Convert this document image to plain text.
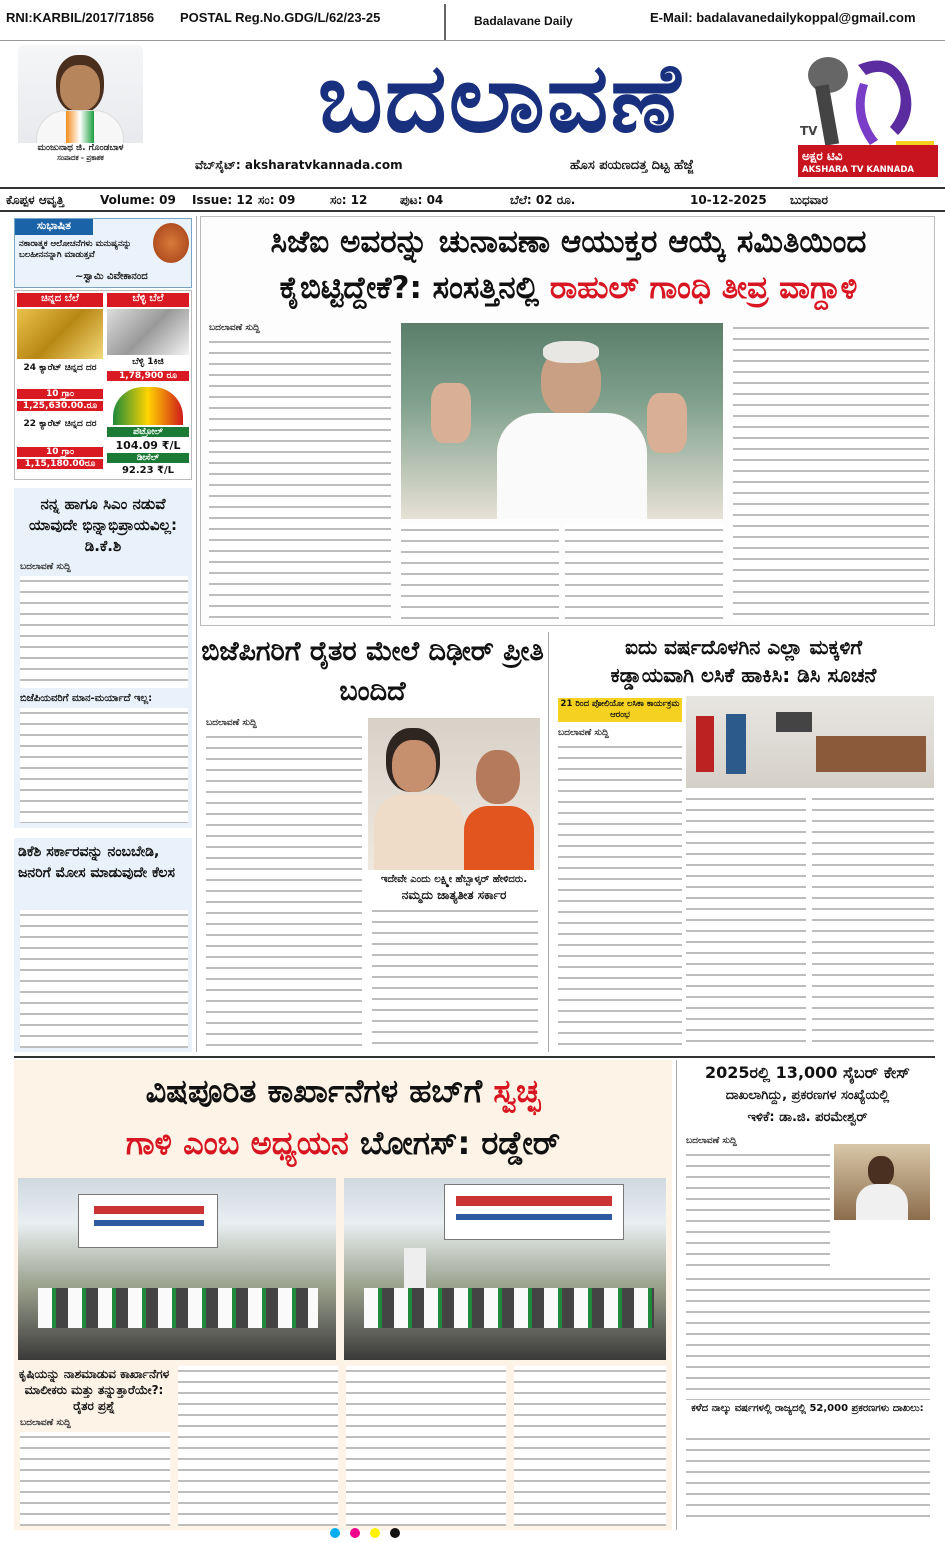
RNI:KARBIL/2017/71856 POSTAL Reg.No.GDG/L/62/23-25	Badalavane Daily	E-Mail: badalavanedailykoppal@gmail.com
ಮಂಜುನಾಥ ಜಿ. ಗೊಂಡಬಾಳ
ಸಂಪಾದಕ - ಪ್ರಕಾಶಕ
ಬದಲಾವಣೆ
ವೆಬ್‌ಸೈಟ್: aksharatvkannada.com	ಹೊಸ ಪಯಣದತ್ತ ದಿಟ್ಟ ಹೆಜ್ಜೆ
TV
ಅಕ್ಷರ ಟಿವಿ
AKSHARA TV KANNADA
ಕೊಪ್ಪಳ ಆವೃತ್ತಿ	Volume: 09 Issue: 12 ಸಂ: 09	ಸಂ: 12	ಪುಟ: 04	ಬೆಲೆ: 02 ರೂ.	10-12-2025 ಬುಧವಾರ
ಸುಭಾಷಿತ
ನಕಾರಾತ್ಮಕ ಆಲೋಚನೆಗಳು ಮನುಷ್ಯನನ್ನು ಬಲಹೀನನನ್ನಾಗಿ ಮಾಡುತ್ತವೆ
~ಸ್ವಾಮಿ ವಿವೇಕಾನಂದ
ಚಿನ್ನದ ಬೆಲೆ	ಬೆಳ್ಳಿ ಬೆಲೆ
24 ಕ್ಯಾರೆಟ್ ಚಿನ್ನದ ದರ
10 ಗ್ರಾಂ
1,25,630.00.ರೂ
ಬೆಳ್ಳಿ 1ಕಿಜಿ
1,78,900 ರೂ
22 ಕ್ಯಾರೆಟ್ ಚಿನ್ನದ ದರ
10 ಗ್ರಾಂ
1,15,180.00ರೂ
ಪೆಟ್ರೋಲ್
104.09 ₹/L
ಡೀಸೆಲ್
92.23 ₹/L
ನನ್ನ ಹಾಗೂ ಸಿಎಂ ನಡುವೆ ಯಾವುದೇ ಭಿನ್ನಾಭಿಪ್ರಾಯವಿಲ್ಲ: ಡಿ.ಕೆ.ಶಿ
ಬದಲಾವಣೆ ಸುದ್ದಿ
ಬಿಜೆಪಿಯವರಿಗೆ ಮಾನ-ಮರ್ಯಾದೆ ಇಲ್ಲ:
ಡಿಕೆಶಿ ಸರ್ಕಾರವನ್ನು ನಂಬಬೇಡಿ, ಜನರಿಗೆ ಮೋಸ ಮಾಡುವುದೇ ಕೆಲಸ
ಸಿಜೆಐ ಅವರನ್ನು ಚುನಾವಣಾ ಆಯುಕ್ತರ ಆಯ್ಕೆ ಸಮಿತಿಯಿಂದ
ಕೈಬಿಟ್ಟಿದ್ದೇಕೆ?: ಸಂಸತ್ತಿನಲ್ಲಿ ರಾಹುಲ್ ಗಾಂಧಿ ತೀವ್ರ ವಾಗ್ದಾಳಿ
ಬದಲಾವಣೆ ಸುದ್ದಿ
ಬಿಜೆಪಿಗರಿಗೆ ರೈತರ ಮೇಲೆ ದಿಢೀರ್ ಪ್ರೀತಿ ಬಂದಿದೆ
ಬದಲಾವಣೆ ಸುದ್ದಿ
ಇದೇವೇ ಎಂದು ಲಕ್ಷ್ಮೀ ಹೆಬ್ಬಾಳ್ಕರ್ ಹೇಳಿದರು.
ನಮ್ಮದು ಜಾತ್ಯತೀತ ಸರ್ಕಾರ
ಐದು ವರ್ಷದೊಳಗಿನ ಎಲ್ಲಾ ಮಕ್ಕಳಿಗೆ
ಕಡ್ಡಾಯವಾಗಿ ಲಸಿಕೆ ಹಾಕಿಸಿ: ಡಿಸಿ ಸೂಚನೆ
21 ರಿಂದ ಪೋಲಿಯೋ ಲಸಿಕಾ ಕಾರ್ಯಕ್ರಮ ಆರಂಭ
ಬದಲಾವಣೆ ಸುದ್ದಿ
ವಿಷಪೂರಿತ ಕಾರ್ಖಾನೆಗಳ ಹಬ್‌ಗೆ ಸ್ವಚ್ಛ
ಗಾಳಿ ಎಂಬ ಅಧ್ಯಯನ ಬೋಗಸ್: ರಡ್ಡೇರ್
ಕೃಷಿಯನ್ನು ನಾಶಮಾಡುವ ಕಾರ್ಖಾನೆಗಳ ಮಾಲೀಕರು ಮತ್ತು ತನ್ನುತ್ತಾರೆಯೇ?: ರೈತರ ಪ್ರಶ್ನೆ
ಬದಲಾವಣೆ ಸುದ್ದಿ
2025ರಲ್ಲಿ 13,000 ಸೈಬರ್ ಕೇಸ್
ದಾಖಲಾಗಿದ್ದು, ಪ್ರಕರಣಗಳ ಸಂಖ್ಯೆಯಲ್ಲಿ
ಇಳಿಕೆ: ಡಾ.ಜಿ. ಪರಮೇಶ್ವರ್
ಬದಲಾವಣೆ ಸುದ್ದಿ
ಕಳೆದ ನಾಲ್ಕು ವರ್ಷಗಳಲ್ಲಿ ರಾಜ್ಯದಲ್ಲಿ 52,000 ಪ್ರಕರಣಗಳು ದಾಖಲು:
